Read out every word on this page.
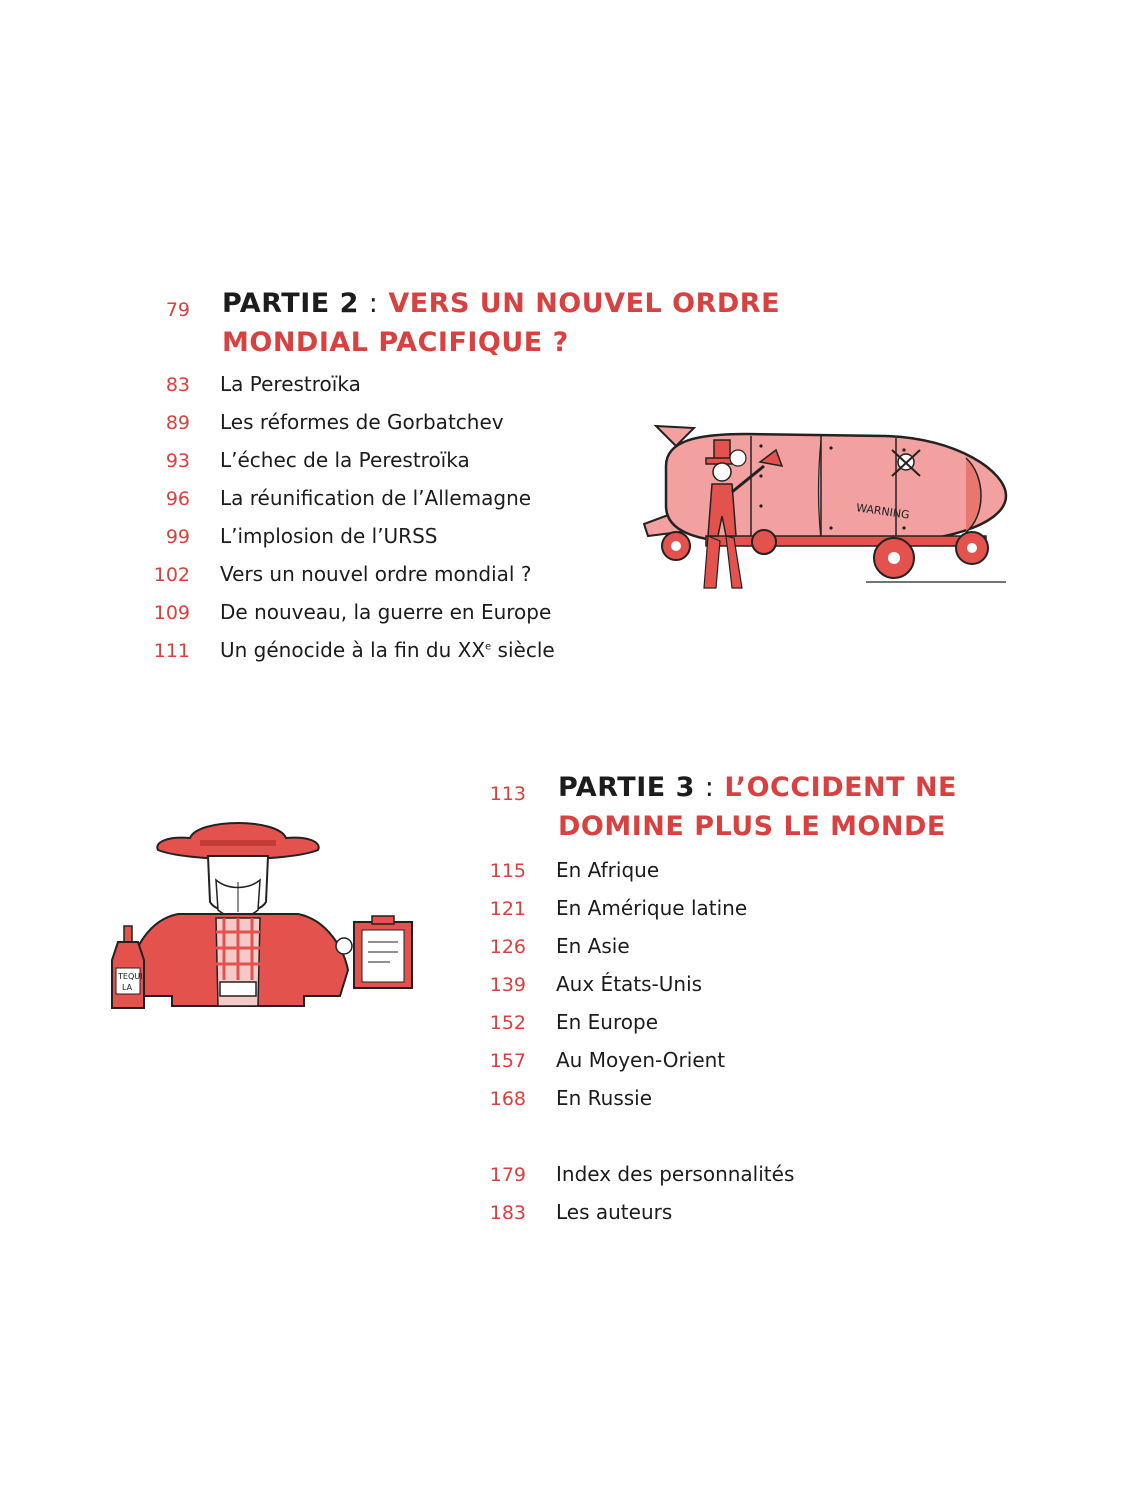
79 PARTIE 2 : VERS UN NOUVEL ORDRE
MONDIAL PACIFIQUE ?
83 La Perestroïka
89 Les réformes de Gorbatchev
93 L’échec de la Perestroïka
96 La réunification de l’Allemagne
99 L’implosion de l’URSS
102 Vers un nouvel ordre mondial ?
109 De nouveau, la guerre en Europe
111 Un génocide à la fin du XXe siècle
WARNING
TEQUI
LA
113 PARTIE 3 : L’OCCIDENT NE
DOMINE PLUS LE MONDE
115 En Afrique
121 En Amérique latine
126 En Asie
139 Aux États-Unis
152 En Europe
157 Au Moyen-Orient
168 En Russie
179 Index des personnalités
183 Les auteurs
